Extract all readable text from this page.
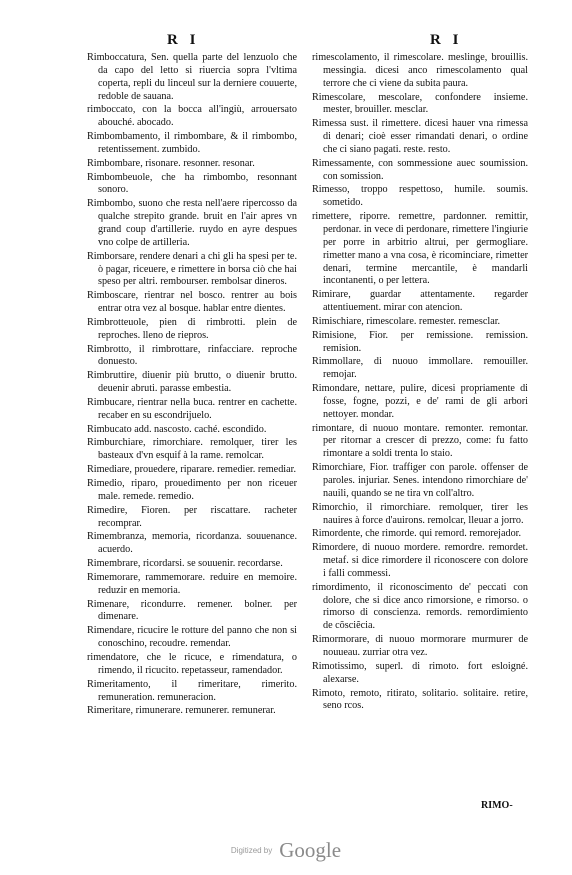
R I	R I
Rimboccatura, Sen. quella parte del lenzuolo che da capo del letto si riuercia sopra l'vltima coperta, repli du linceul sur la derniere couuerte, redoble de sauana.
rimboccato, con la bocca all'ingiù, arrouersato abouché. abocado.
Rimbombamento, il rimbombare, & il rimbombo, retentissement. zumbido.
Rimbombare, risonare. resonner. resonar.
Rimbombeuole, che ha rimbombo, resonnant sonoro.
Rimbombo, suono che resta nell'aere ripercosso da qualche strepito grande. bruit en l'air apres vn grand coup d'artillerie. ruydo en ayre despues vno colpe de artilleria.
Rimborsare, rendere denari a chi gli ha spesi per te. ò pagar, riceuere, e rimettere in borsa ciò che hai speso per altri. rembourser. rembolsar dineros.
Rimboscare, rientrar nel bosco. rentrer au bois entrar otra vez al bosque. hablar entre dientes.
Rimbrotteuole, pien di rimbrotti. plein de reproches. lleno de riepros.
Rimbrotto, il rimbrottare, rinfacciare. reproche donuesto.
Rimbruttire, diuenir più brutto, o diuenir brutto. deuenir abruti. parasse embestia.
Rimbucare, rientrar nella buca. rentrer en cachette. recaber en su escondrijuelo.
Rimbucato add. nascosto. caché. escondido.
Rimburchiare, rimorchiare. remolquer, tirer les basteaux d'vn esquif à la rame. remolcar.
Rimediare, prouedere, riparare. remedier. remediar.
Rimedio, riparo, prouedimento per non riceuer male. remede. remedio.
Rimedire, Fioren. per riscattare. racheter recomprar.
Rimembranza, memoria, ricordanza. souuenance. acuerdo.
Rimembrare, ricordarsi. se souuenir. recordarse.
Rimemorare, rammemorare. reduire en memoire. reduzir en memoria.
Rimenare, ricondurre. remener. bolner. per dimenare.
Rimendare, ricucire le rotture del panno che non si conoschino, recoudre. remendar.
rimendatore, che le ricuce, e rimendatura, o rimendo, il ricucito. repetasseur, ramendador.
Rimeritamento, il rimeritare, rimerito. remuneration. remuneracion.
Rimeritare, rimunerare. remunerer. remunerar.
rimescolamento, il rimescolare. meslinge, brouillis. messingia. dicesi anco rimescolamento qual terrore che ci viene da subita paura.
Rimescolare, mescolare, confondere insieme. mester, brouiller. mesclar.
Rimessa sust. il rimettere. dicesi hauer vna rimessa di denari; cioè esser rimandati denari, o ordine che ci siano pagati. reste. resto.
Rimessamente, con sommessione auec soumission. con somission.
Rimesso, troppo respettoso, humile. soumis. sometido.
rimettere, riporre. remettre, pardonner. remittir, perdonar. in vece di perdonare, rimettere l'ingiurie per porre in arbitrio altrui, per germogliare. rimetter mano a vna cosa, è ricominciare, rimetter denari, termine mercantile, è mandarli incontanenti, o per lettera.
Rimirare, guardar attentamente. regarder attentiuement. mirar con atencion.
Rimischiare, rimescolare. remester. remesclar.
Rimisione, Fior. per remissione. remission. remision.
Rimmollare, di nuouo immollare. remouiller. remojar.
Rimondare, nettare, pulire, dicesi propriamente di fosse, fogne, pozzi, e de' rami de gli arbori nettoyer. mondar.
rimontare, di nuouo montare. remonter. remontar. per ritornar a crescer di prezzo, come: fu fatto rimontare a soldi trenta lo staio.
Rimorchiare, Fior. traffiger con parole. offenser de paroles. injuriar. Senes. intendono rimorchiare de' nauili, quando se ne tira vn coll'altro.
Rimorchio, il rimorchiare. remolquer, tirer les nauires à force d'auirons. remolcar, lleuar a jorro.
Rimordente, che rimorde. qui remord. remorejador.
Rimordere, di nuouo mordere. remordre. remordet. metaf. si dice rimordere il riconoscere con dolore i falli commessi.
rimordimento, il riconoscimento de' peccati con dolore, che si dice anco rimorsione, e rimorso. o rimorso di conscienza. remords. remordimiento de cõsciẽcia.
Rimormorare, di nuouo mormorare murmurer de nouueau. zurriar otra vez.
Rimotissimo, superl. di rimoto. fort esloigné. alexarse.
Rimoto, remoto, ritirato, solitario. solitaire. retire, seno rcos.
RIMO-
Digitized by Google
